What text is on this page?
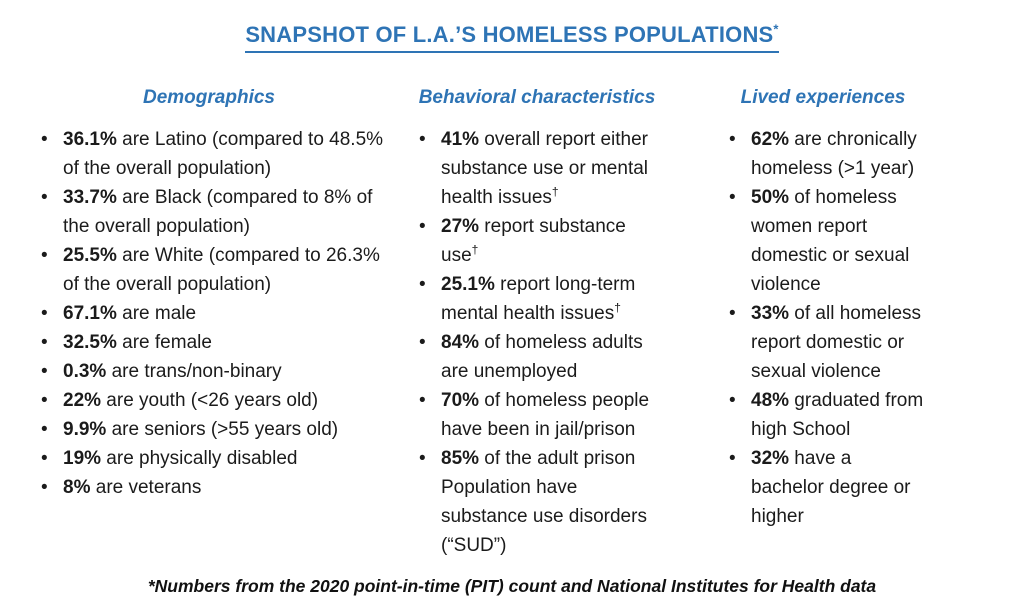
SNAPSHOT OF L.A.’S HOMELESS POPULATIONS*
Demographics
• 36.1% are Latino (compared to 48.5% of the overall population)
• 33.7% are Black (compared to 8% of the overall population)
• 25.5% are White (compared to 26.3% of the overall population)
• 67.1% are male
• 32.5% are female
• 0.3% are trans/non-binary
• 22% are youth (<26 years old)
• 9.9% are seniors (>55 years old)
• 19% are physically disabled
• 8% are veterans
Behavioral characteristics
• 41% overall report either substance use or mental health issues†
• 27% report substance use†
• 25.1% report long-term mental health issues†
• 84% of homeless adults are unemployed
• 70% of homeless people have been in jail/prison
• 85% of the adult prison Population have substance use disorders (“SUD”)
Lived experiences
• 62% are chronically homeless (>1 year)
• 50% of homeless women report domestic or sexual violence
• 33% of all homeless report domestic or sexual violence
• 48% graduated from high School
• 32% have a bachelor degree or higher

*Numbers from the 2020 point-in-time (PIT) count and National Institutes for Health data
